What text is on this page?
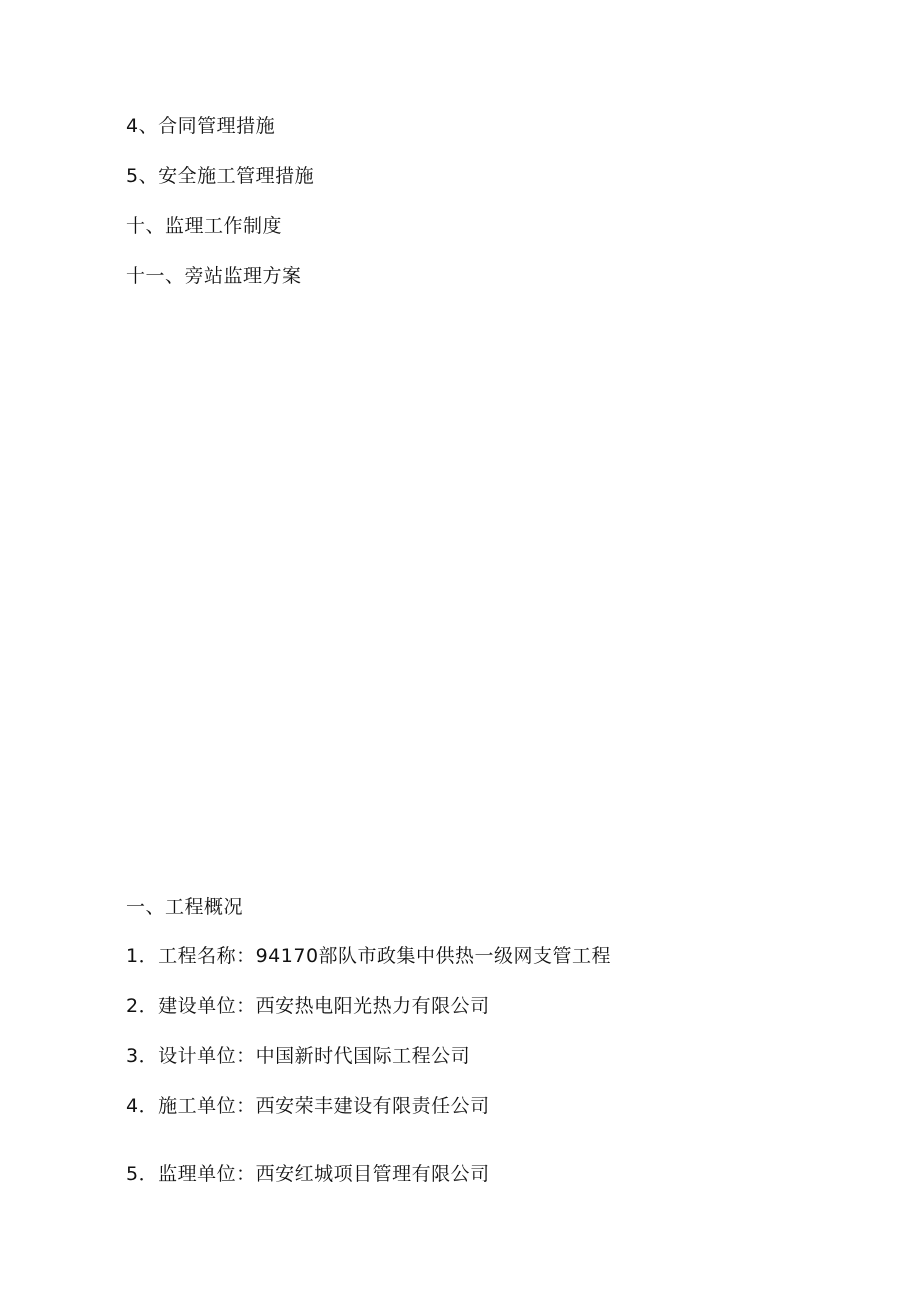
4、合同管理措施
5、安全施工管理措施
十、监理工作制度
十一、旁站监理方案
一、工程概况
1．工程名称：94170部队市政集中供热一级网支管工程
2．建设单位：西安热电阳光热力有限公司
3．设计单位：中国新时代国际工程公司
4．施工单位：西安荣丰建设有限责任公司
5．监理单位：西安红城项目管理有限公司
